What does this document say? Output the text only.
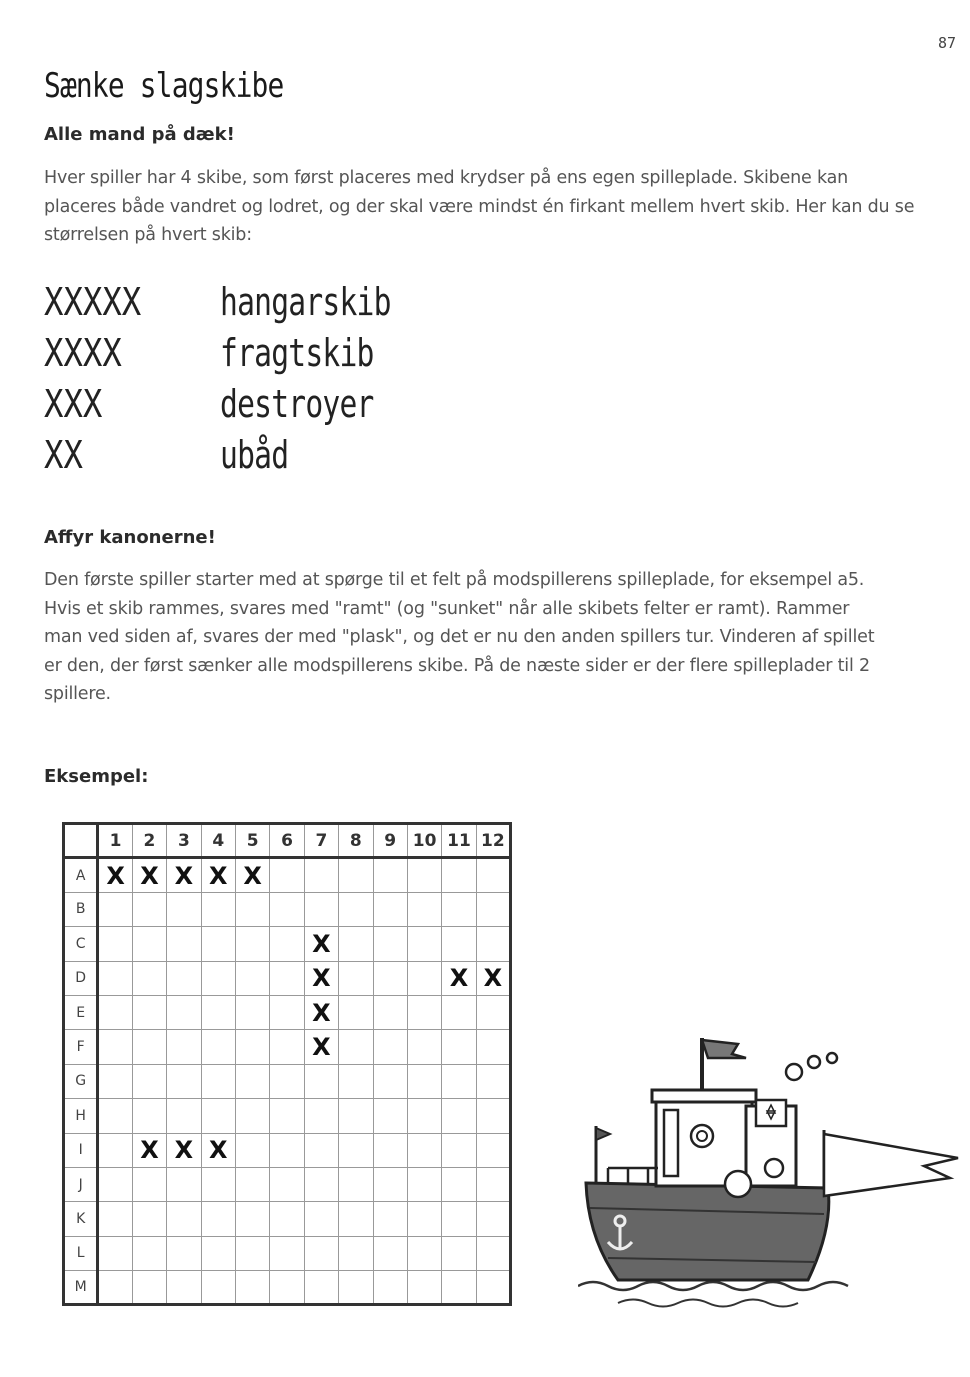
87
Sænke slagskibe

Alle mand på dæk!

Hver spiller har 4 skibe, som først placeres med krydser på ens egen spilleplade. Skibene kan placeres både vandret og lodret, og der skal være mindst én firkant mellem hvert skib. Her kan du se størrelsen på hvert skib:

XXXXX hangarskib
XXXX	fragtskib
XXX	destroyer
XX	ubåd

Affyr kanonerne!

Den første spiller starter med at spørge til et felt på modspillerens spilleplade, for eksempel a5. Hvis et skib rammes, svares med "ramt" (og "sunket" når alle skibets felter er ramt). Rammer man ved siden af, svares der med "plask", og det er nu den anden spillers tur. Vinderen af spillet er den, der først sænker alle modspillerens skibe. På de næste sider er der flere spilleplader til 2 spillere.

Eksempel:

	1	2	3	4	5	6	7	8	9	10	11	12
A	X	X	X	X	X							
B												
C							X					
D							X				X	X
E							X					
F							X					
G												
H												
I		X	X	X								
J												
K												
L												
M												
